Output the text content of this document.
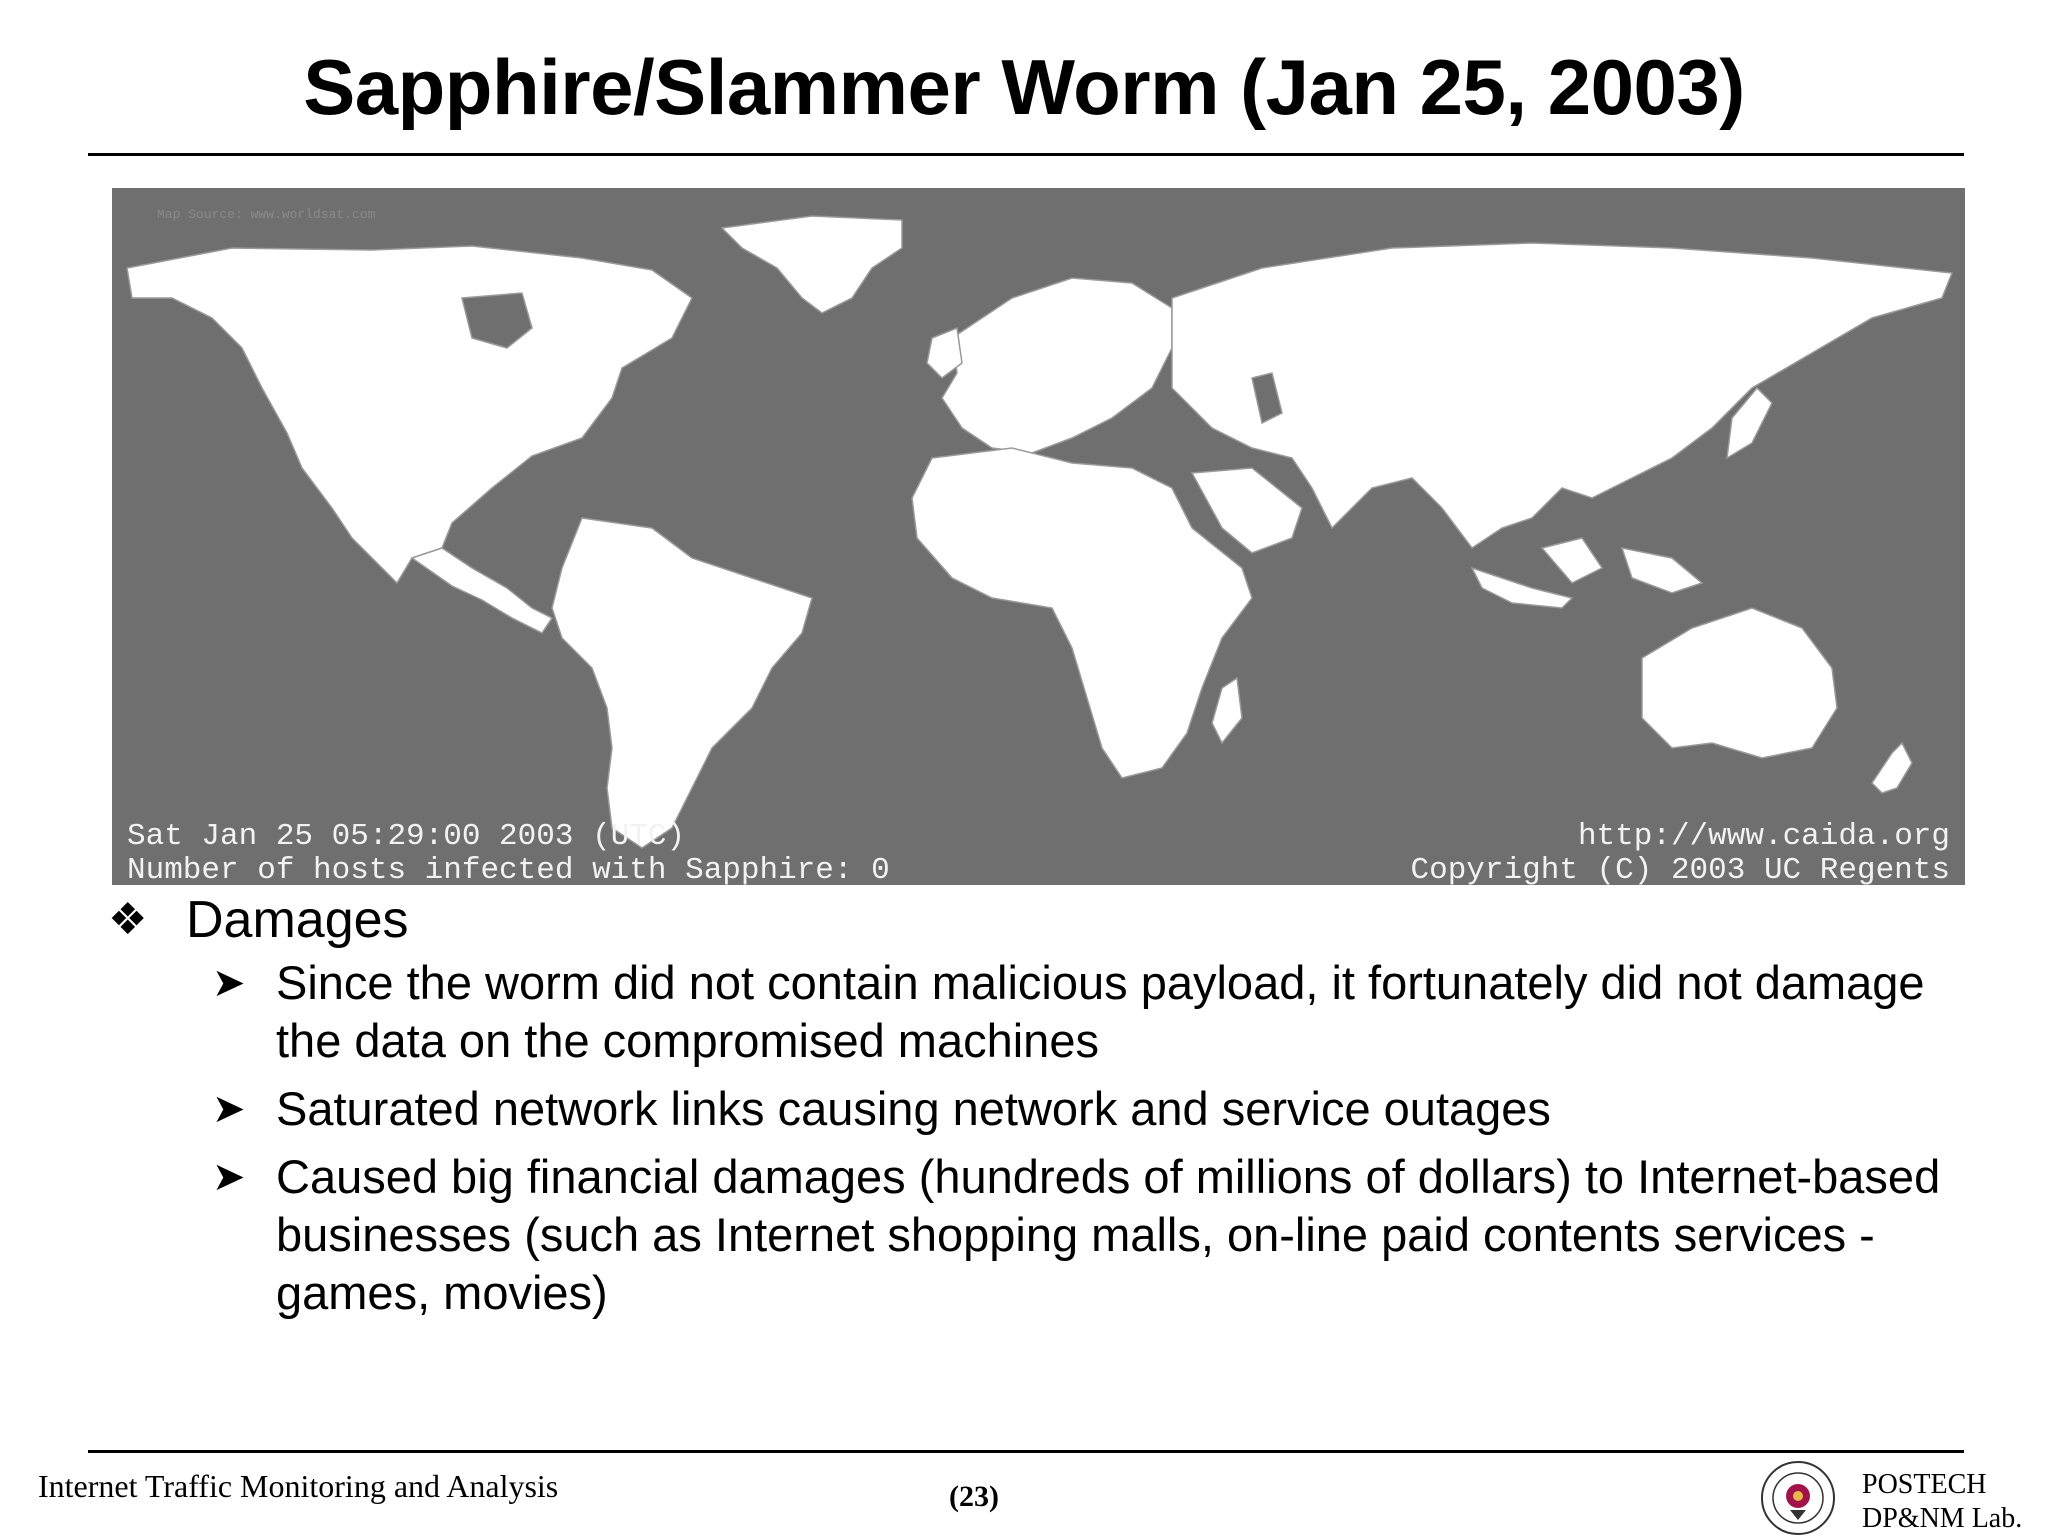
Sapphire/Slammer Worm (Jan 25, 2003)
Map Source: www.worldsat.com
Sat Jan 25 05:29:00 2003 (UTC)
Number of hosts infected with Sapphire: 0
http://www.caida.org
Copyright (C) 2003 UC Regents
❖ Damages
➤ Since the worm did not contain malicious payload, it fortunately did not damage the data on the compromised machines
➤ Saturated network links causing network and service outages
➤ Caused big financial damages (hundreds of millions of dollars) to Internet-based businesses (such as Internet shopping malls, on-line paid contents services - games, movies)
Internet Traffic Monitoring and Analysis	(23)	POSTECH
DP&NM Lab.
